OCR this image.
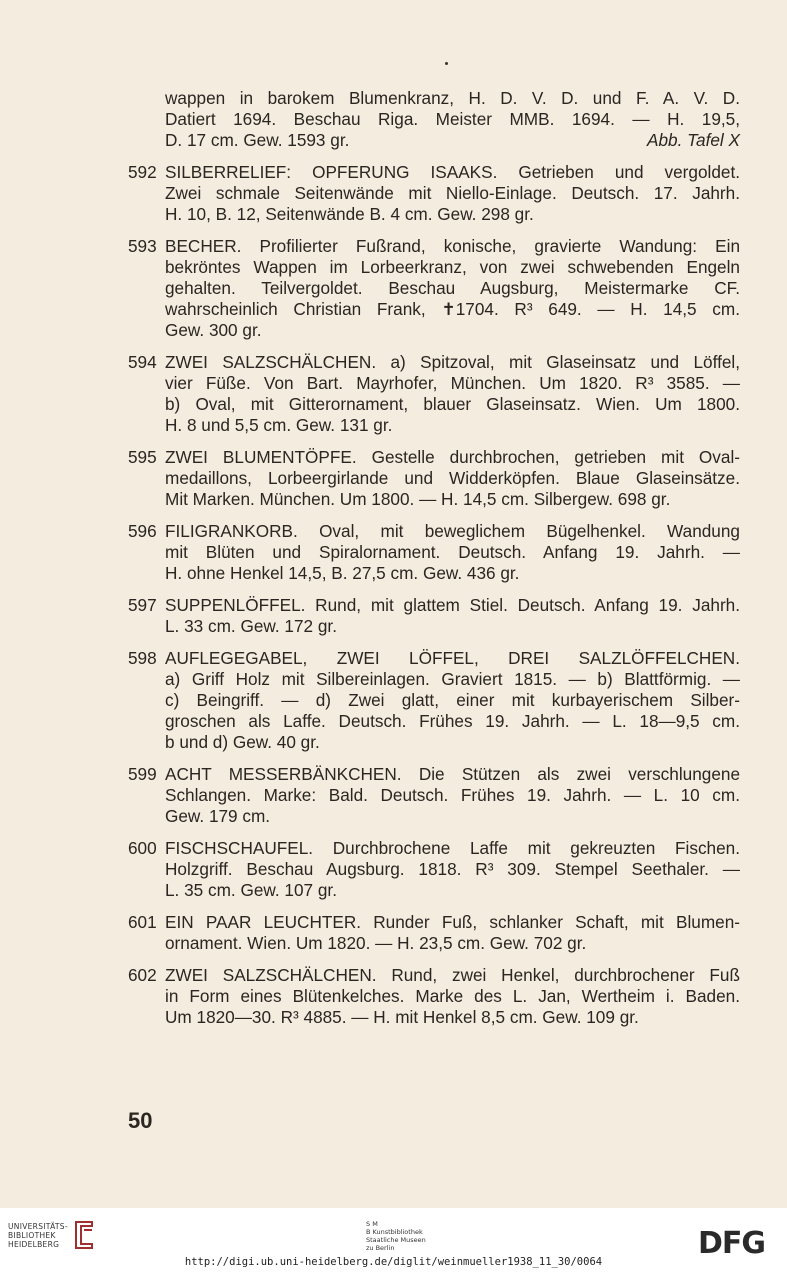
wappen in barokem Blumenkranz, H. D. V. D. und F. A. V. D.
Datiert 1694. Beschau Riga. Meister MMB. 1694. — H. 19,5,
Abb. Tafel X
D. 17 cm. Gew. 1593 gr.
592 SILBERRELIEF: OPFERUNG ISAAKS. Getrieben und vergoldet.
Zwei schmale Seitenwände mit Niello-Einlage. Deutsch. 17. Jahrh.
H. 10, B. 12, Seitenwände B. 4 cm. Gew. 298 gr.
593 BECHER. Profilierter Fußrand, konische, gravierte Wandung: Ein
bekröntes Wappen im Lorbeerkranz, von zwei schwebenden Engeln
gehalten. Teilvergoldet. Beschau Augsburg, Meistermarke CF.
wahrscheinlich Christian Frank, ✝1704. R³ 649. — H. 14,5 cm.
Gew. 300 gr.
594 ZWEI SALZSCHÄLCHEN. a) Spitzoval, mit Glaseinsatz und Löffel,
vier Füße. Von Bart. Mayrhofer, München. Um 1820. R³ 3585. —
b) Oval, mit Gitterornament, blauer Glaseinsatz. Wien. Um 1800.
H. 8 und 5,5 cm. Gew. 131 gr.
595 ZWEI BLUMENTÖPFE. Gestelle durchbrochen, getrieben mit Oval-
medaillons, Lorbeergirlande und Widderköpfen. Blaue Glaseinsätze.
Mit Marken. München. Um 1800. — H. 14,5 cm. Silbergew. 698 gr.
596 FILIGRANKORB. Oval, mit beweglichem Bügelhenkel. Wandung
mit Blüten und Spiralornament. Deutsch. Anfang 19. Jahrh. —
H. ohne Henkel 14,5, B. 27,5 cm. Gew. 436 gr.
597 SUPPENLÖFFEL. Rund, mit glattem Stiel. Deutsch. Anfang 19. Jahrh.
L. 33 cm. Gew. 172 gr.
598 AUFLEGEGABEL, ZWEI LÖFFEL, DREI SALZLÖFFELCHEN.
a) Griff Holz mit Silbereinlagen. Graviert 1815. — b) Blattförmig. —
c) Beingriff. — d) Zwei glatt, einer mit kurbayerischem Silber-
groschen als Laffe. Deutsch. Frühes 19. Jahrh. — L. 18—9,5 cm.
b und d) Gew. 40 gr.
599 ACHT MESSERBÄNKCHEN. Die Stützen als zwei verschlungene
Schlangen. Marke: Bald. Deutsch. Frühes 19. Jahrh. — L. 10 cm.
Gew. 179 cm.
600 FISCHSCHAUFEL. Durchbrochene Laffe mit gekreuzten Fischen.
Holzgriff. Beschau Augsburg. 1818. R³ 309. Stempel Seethaler. —
L. 35 cm. Gew. 107 gr.
601 EIN PAAR LEUCHTER. Runder Fuß, schlanker Schaft, mit Blumen-
ornament. Wien. Um 1820. — H. 23,5 cm. Gew. 702 gr.
602 ZWEI SALZSCHÄLCHEN. Rund, zwei Henkel, durchbrochener Fuß
in Form eines Blütenkelches. Marke des L. Jan, Wertheim i. Baden.
Um 1820—30. R³ 4885. — H. mit Henkel 8,5 cm. Gew. 109 gr.
50
UNIVERSITÄTS-
BIBLIOTHEK
HEIDELBERG
S M
B Kunstbibliothek
Staatliche Museen
zu Berlin	DFG
http://digi.ub.uni-heidelberg.de/diglit/weinmueller1938_11_30/0064
